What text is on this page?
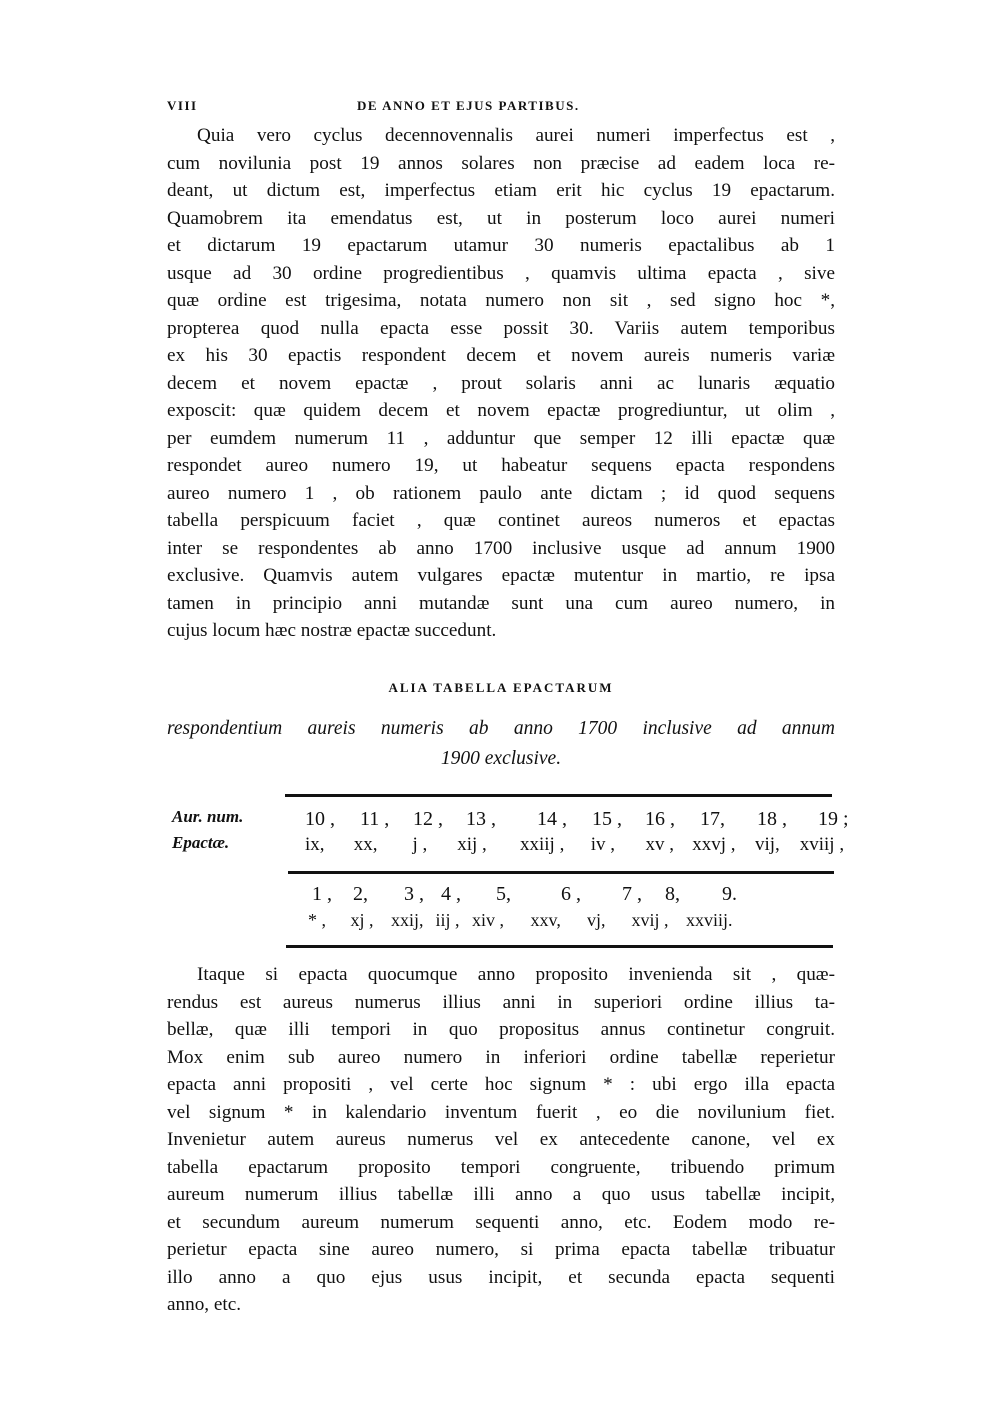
VIII	DE ANNO ET EJUS PARTIBUS.
Quia vero cyclus decennovennalis aurei numeri imperfectus est ,
cum novilunia post 19 annos solares non præcise ad eadem loca re-
deant, ut dictum est, imperfectus etiam erit hic cyclus 19 epactarum.
Quamobrem ita emendatus est, ut in posterum loco aurei numeri
et dictarum 19 epactarum utamur 30 numeris epactalibus ab 1
usque ad 30 ordine progredientibus , quamvis ultima epacta , sive
quæ ordine est trigesima, notata numero non sit , sed signo hoc *,
propterea quod nulla epacta esse possit 30. Variis autem temporibus
ex his 30 epactis respondent decem et novem aureis numeris variæ
decem et novem epactæ , prout solaris anni ac lunaris æquatio
exposcit: quæ quidem decem et novem epactæ progrediuntur, ut olim ,
per eumdem numerum 11 , adduntur que semper 12 illi epactæ quæ
respondet aureo numero 19, ut habeatur sequens epacta respondens
aureo numero 1 , ob rationem paulo ante dictam ; id quod sequens
tabella perspicuum faciet , quæ continet aureos numeros et epactas
inter se respondentes ab anno 1700 inclusive usque ad annum 1900
exclusive. Quamvis autem vulgares epactæ mutentur in martio, re ipsa
tamen in principio anni mutandæ sunt una cum aureo numero, in
cujus locum hæc nostræ epactæ succedunt.
ALIA TABELLA EPACTARUM
respondentium aureis numeris ab anno 1700 inclusive ad annum
1900 exclusive.
Aur. num.
Epactæ.
10 , 11 , 12 , 13 , 14 , 15 , 16 , 17, 18 , 19 ;
ix, xx, j , xij , xxiij , iv , xv , xxvj , vij, xviij ,
1 , 2, 3 , 4 , 5,	6 , 7 , 8, 9.
* , xj , xxij, iij , xiv , xxv, vj, xvij , xxviij.
Itaque si epacta quocumque anno proposito invenienda sit , quæ-
rendus est aureus numerus illius anni in superiori ordine illius ta-
bellæ, quæ illi tempori in quo propositus annus continetur congruit.
Mox enim sub aureo numero in inferiori ordine tabellæ reperietur
epacta anni propositi , vel certe hoc signum * : ubi ergo illa epacta
vel signum * in kalendario inventum fuerit , eo die novilunium fiet.
Invenietur autem aureus numerus vel ex antecedente canone, vel ex
tabella epactarum proposito tempori congruente, tribuendo primum
aureum numerum illius tabellæ illi anno a quo usus tabellæ incipit,
et secundum aureum numerum sequenti anno, etc. Eodem modo re-
perietur epacta sine aureo numero, si prima epacta tabellæ tribuatur
illo anno a quo ejus usus incipit, et secunda epacta sequenti
anno, etc.
